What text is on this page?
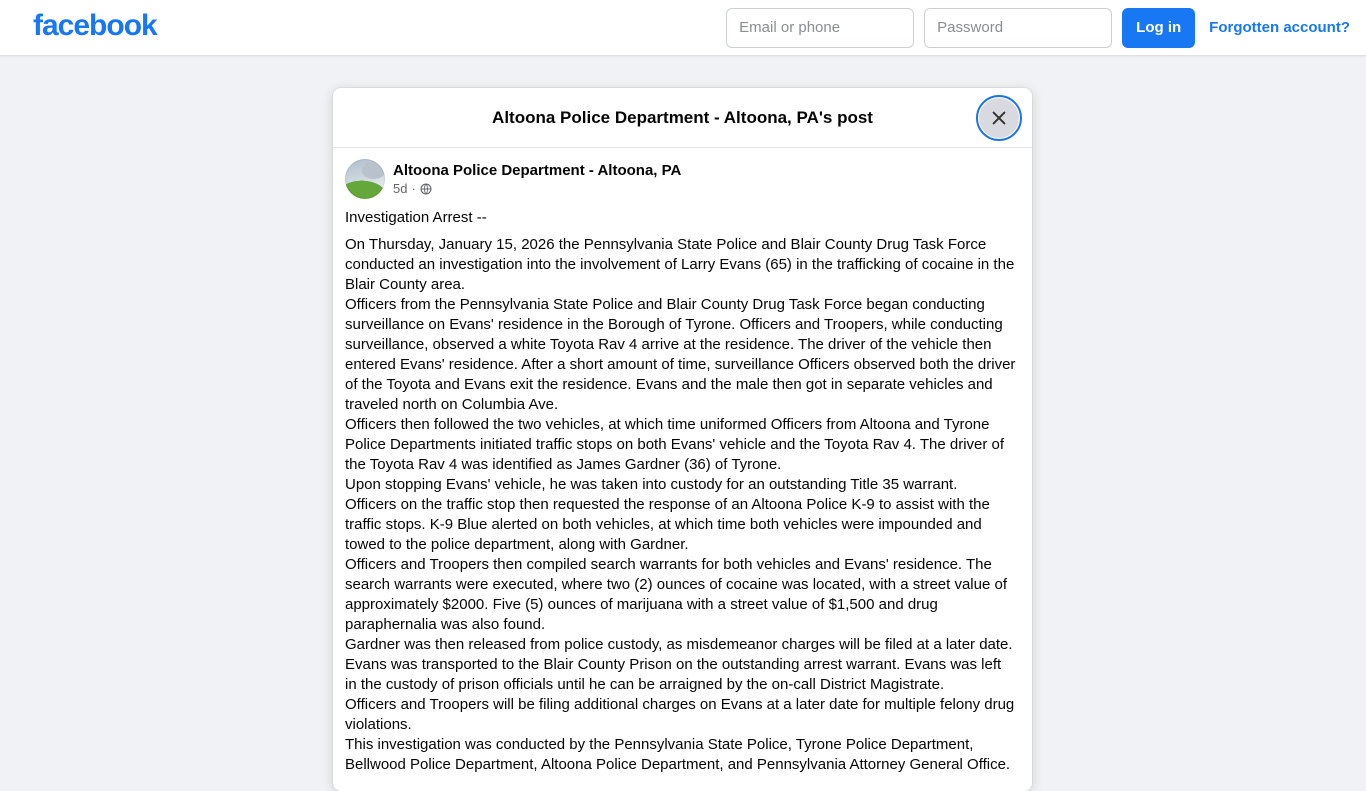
facebook
Email or phone	Log in	Forgotten account?
Altoona Police Department - Altoona, PA's post
Altoona Police Department - Altoona, PA
5d ·

Investigation Arrest --

On Thursday, January 15, 2026 the Pennsylvania State Police and Blair County Drug Task Force conducted an investigation into the involvement of Larry Evans (65) in the trafficking of cocaine in the Blair County area.

Officers from the Pennsylvania State Police and Blair County Drug Task Force began conducting surveillance on Evans' residence in the Borough of Tyrone. Officers and Troopers, while conducting surveillance, observed a white Toyota Rav 4 arrive at the residence. The driver of the vehicle then entered Evans' residence. After a short amount of time, surveillance Officers observed both the driver of the Toyota and Evans exit the residence. Evans and the male then got in separate vehicles and traveled north on Columbia Ave.

Officers then followed the two vehicles, at which time uniformed Officers from Altoona and Tyrone Police Departments initiated traffic stops on both Evans' vehicle and the Toyota Rav 4. The driver of the Toyota Rav 4 was identified as James Gardner (36) of Tyrone.

Upon stopping Evans' vehicle, he was taken into custody for an outstanding Title 35 warrant.

Officers on the traffic stop then requested the response of an Altoona Police K-9 to assist with the traffic stops. K-9 Blue alerted on both vehicles, at which time both vehicles were impounded and towed to the police department, along with Gardner.

Officers and Troopers then compiled search warrants for both vehicles and Evans' residence. The search warrants were executed, where two (2) ounces of cocaine was located, with a street value of approximately $2000. Five (5) ounces of marijuana with a street value of $1,500 and drug paraphernalia was also found.

Gardner was then released from police custody, as misdemeanor charges will be filed at a later date.

Evans was transported to the Blair County Prison on the outstanding arrest warrant. Evans was left in the custody of prison officials until he can be arraigned by the on-call District Magistrate.

Officers and Troopers will be filing additional charges on Evans at a later date for multiple felony drug violations.

This investigation was conducted by the Pennsylvania State Police, Tyrone Police Department, Bellwood Police Department, Altoona Police Department, and Pennsylvania Attorney General Office.
